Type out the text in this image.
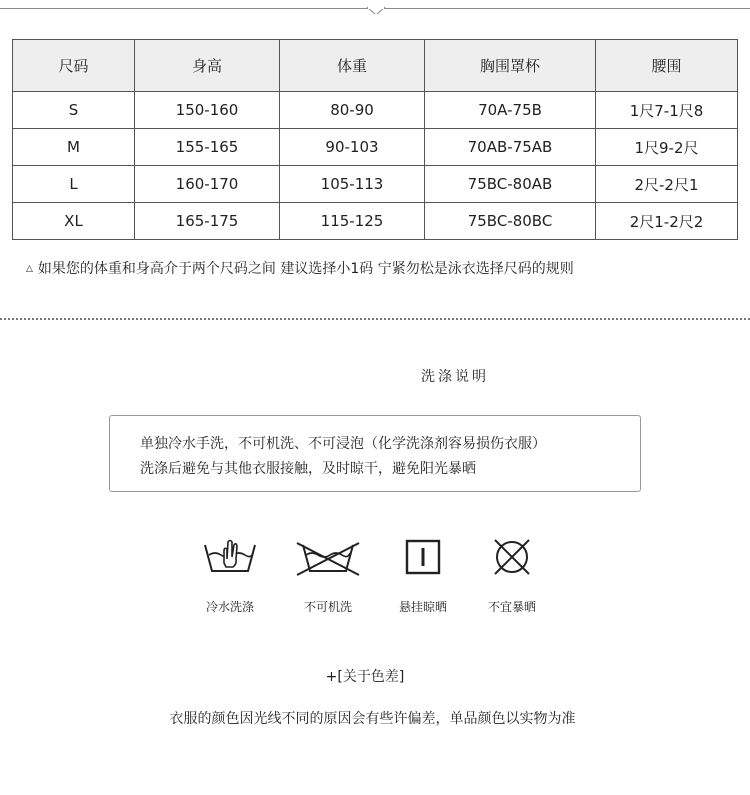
尺码	身高	体重	胸围罩杯	腰围
S	150-160	80-90	70A-75B	1尺7-1尺8
M	155-165	90-103	70AB-75AB	1尺9-2尺
L	160-170	105-113	75BC-80AB	2尺-2尺1
XL	165-175	115-125	75BC-80BC	2尺1-2尺2
△ 如果您的体重和身高介于两个尺码之间 建议选择小1码 宁紧勿松是泳衣选择尺码的规则
洗涤说明
单独冷水手洗，不可机洗、不可浸泡（化学洗涤剂容易损伤衣服）
洗涤后避免与其他衣服接触，及时晾干，避免阳光暴晒
冷水洗涤	不可机洗	悬挂晾晒	不宜暴晒
+[关于色差]
衣服的颜色因光线不同的原因会有些许偏差，单品颜色以实物为准
